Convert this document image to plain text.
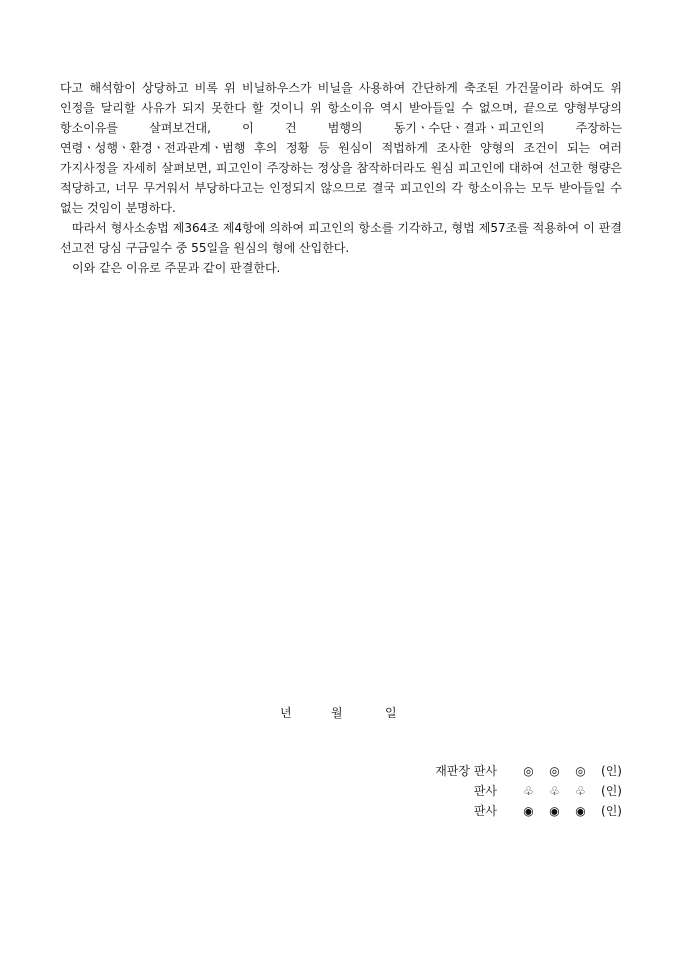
다고 해석함이 상당하고 비록 위 비닐하우스가 비닐을 사용하여 간단하게 축조된 가건물이라 하여도 위 인정을 달리할 사유가 되지 못한다 할 것이니 위 항소이유 역시 받아들일 수 없으며, 끝으로 양형부당의 항소이유를 살펴보건대, 이 건 범행의 동기ㆍ수단ㆍ결과ㆍ피고인의 주장하는 연령ㆍ성행ㆍ환경ㆍ전과관계ㆍ범행 후의 정황 등 원심이 적법하게 조사한 양형의 조건이 되는 여러 가지사정을 자세히 살펴보면, 피고인이 주장하는 정상을 참작하더라도 원심 피고인에 대하여 선고한 형량은 적당하고, 너무 무거워서 부당하다고는 인정되지 않으므로 결국 피고인의 각 항소이유는 모두 받아들일 수 없는 것임이 분명하다.

따라서 형사소송법 제364조 제4항에 의하여 피고인의 항소를 기각하고, 형법 제57조를 적용하여 이 판결 선고전 당심 구금일수 중 55일을 원심의 형에 산입한다.

이와 같은 이유로 주문과 같이 판결한다.

년	월	일
재판장 판사 ◎ ◎ ◎ (인)
판사 ♧ ♧ ♧ (인)
판사 ◉ ◉ ◉ (인)
